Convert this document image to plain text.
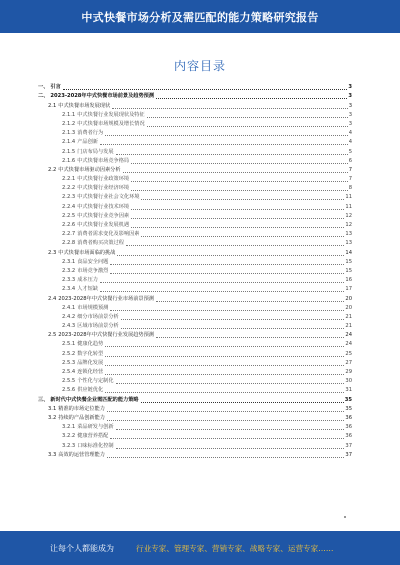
中式快餐市场分析及需匹配的能力策略研究报告
内容目录
一、 引言	3
二、 2023-2028年中式快餐市场前景及趋势预测	3
2.1 中式快餐市场发展现状	3
2.1.1 中式快餐行业发展现状及特征	3
2.1.2 中式快餐市场规模及增长情况	3
2.1.3 消费者行为	4
2.1.4 产品创新	4
2.1.5 门店布局与发展	5
2.1.6 中式快餐市场竞争格局	6
2.2 中式快餐市场驱动因素分析	7
2.2.1 中式快餐行业政策环境	7
2.2.2 中式快餐行业经济环境	8
2.2.3 中式快餐行业社会文化环境	11
2.2.4 中式快餐行业技术环境	11
2.2.5 中式快餐行业竞争因素	12
2.2.6 中式快餐行业发展机遇	12
2.2.7 消费者需求变化及影响因素	13
2.2.8 消费者购买决策过程	13
2.3 中式快餐市场面临的挑战	14
2.3.1 食品安全问题	15
2.3.2 市场竞争激烈	15
2.3.3 成本压力	16
2.3.4 人才短缺	17
2.4 2023-2028年中式快餐行业市场前景预测	20
2.4.1 市场规模预测	20
2.4.2 细分市场前景分析	21
2.4.3 区域市场前景分析	21
2.5 2023-2028年中式快餐行业发展趋势预测	24
2.5.1 健康化趋势	24
2.5.2 数字化转型	25
2.5.3 品牌化发展	27
2.5.4 连锁化经营	29
2.5.5 个性化与定制化	30
2.5.6 供应链优化	31
三、 新时代中式快餐企业需匹配的能力策略	35
3.1 精准的市场定位能力	35
3.2 持续的产品创新能力	36
3.2.1 菜品研发与创新	36
3.2.2 健康营养搭配	36
3.2.3 口味标准化控制	37
3.3 高效的运营管理能力	37
让每个人都能成为	行业专家、管理专家、营销专家、战略专家、运营专家……
